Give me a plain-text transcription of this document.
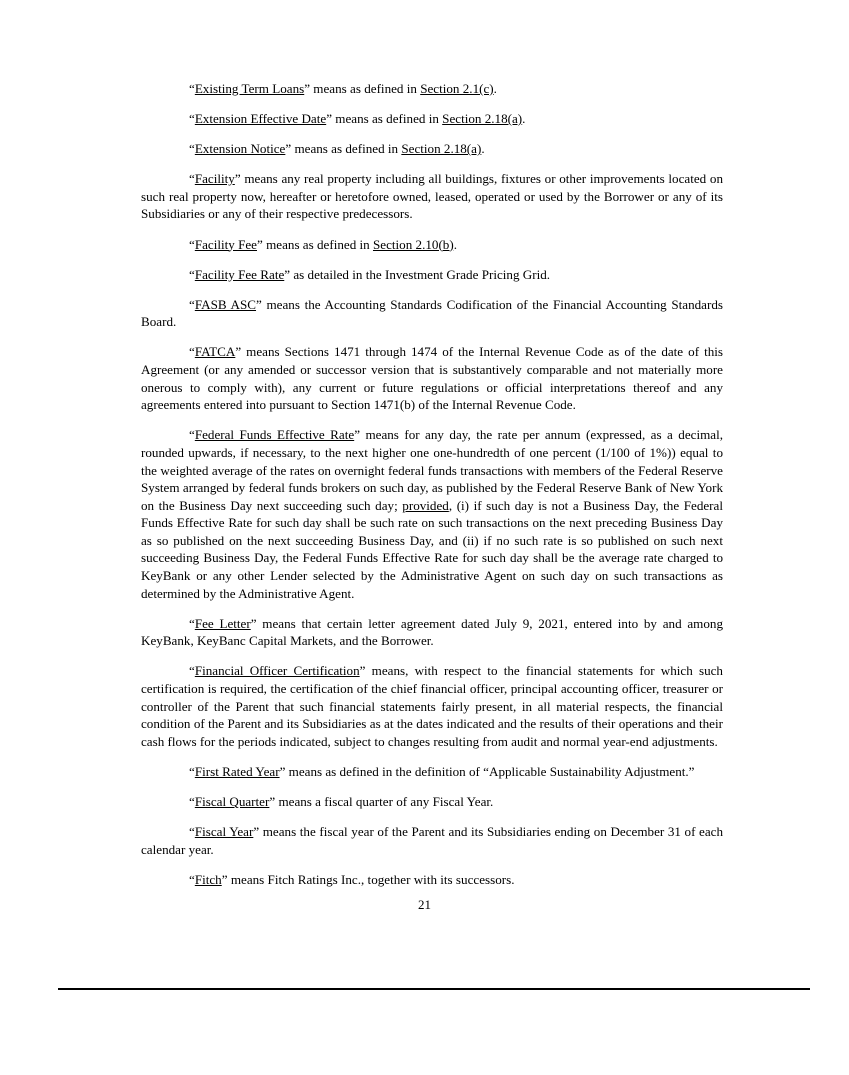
“Existing Term Loans” means as defined in Section 2.1(c).

“Extension Effective Date” means as defined in Section 2.18(a).

“Extension Notice” means as defined in Section 2.18(a).

“Facility” means any real property including all buildings, fixtures or other improvements located on such real property now, hereafter or heretofore owned, leased, operated or used by the Borrower or any of its Subsidiaries or any of their respective predecessors.

“Facility Fee” means as defined in Section 2.10(b).

“Facility Fee Rate” as detailed in the Investment Grade Pricing Grid.

“FASB ASC” means the Accounting Standards Codification of the Financial Accounting Standards Board.

“FATCA” means Sections 1471 through 1474 of the Internal Revenue Code as of the date of this Agreement (or any amended or successor version that is substantively comparable and not materially more onerous to comply with), any current or future regulations or official interpretations thereof and any agreements entered into pursuant to Section 1471(b) of the Internal Revenue Code.

“Federal Funds Effective Rate” means for any day, the rate per annum (expressed, as a decimal, rounded upwards, if necessary, to the next higher one one-hundredth of one percent (1/100 of 1%)) equal to the weighted average of the rates on overnight federal funds transactions with members of the Federal Reserve System arranged by federal funds brokers on such day, as published by the Federal Reserve Bank of New York on the Business Day next succeeding such day; provided, (i) if such day is not a Business Day, the Federal Funds Effective Rate for such day shall be such rate on such transactions on the next preceding Business Day as so published on the next succeeding Business Day, and (ii) if no such rate is so published on such next succeeding Business Day, the Federal Funds Effective Rate for such day shall be the average rate charged to KeyBank or any other Lender selected by the Administrative Agent on such day on such transactions as determined by the Administrative Agent.

“Fee Letter” means that certain letter agreement dated July 9, 2021, entered into by and among KeyBank, KeyBanc Capital Markets, and the Borrower.

“Financial Officer Certification” means, with respect to the financial statements for which such certification is required, the certification of the chief financial officer, principal accounting officer, treasurer or controller of the Parent that such financial statements fairly present, in all material respects, the financial condition of the Parent and its Subsidiaries as at the dates indicated and the results of their operations and their cash flows for the periods indicated, subject to changes resulting from audit and normal year-end adjustments.

“First Rated Year” means as defined in the definition of “Applicable Sustainability Adjustment.”

“Fiscal Quarter” means a fiscal quarter of any Fiscal Year.

“Fiscal Year” means the fiscal year of the Parent and its Subsidiaries ending on December 31 of each calendar year.

“Fitch” means Fitch Ratings Inc., together with its successors.

21
